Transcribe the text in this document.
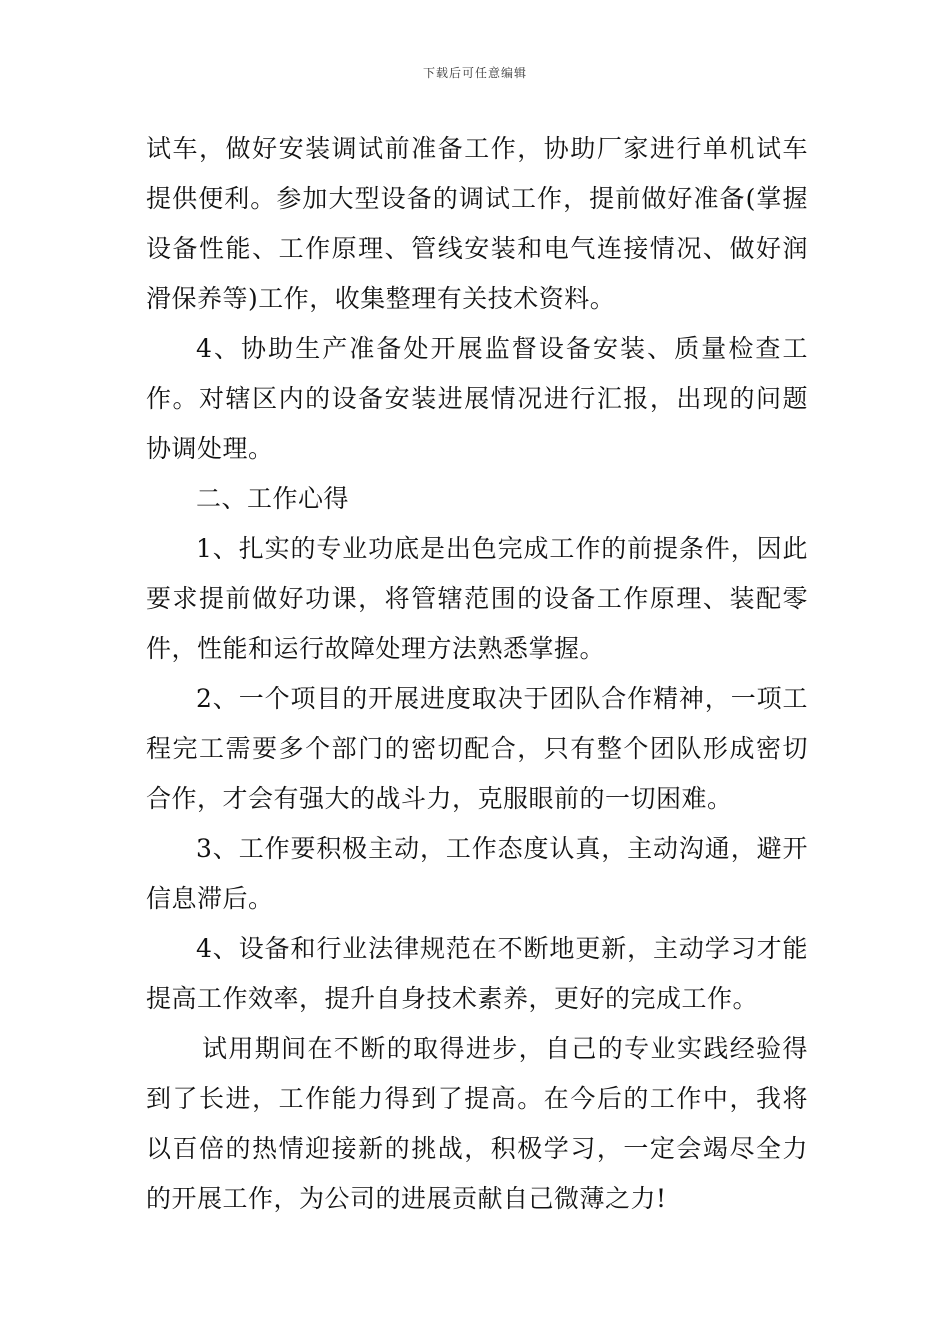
下载后可任意编辑

试车，做好安装调试前准备工作，协助厂家进行单机试车提供便利。参加大型设备的调试工作，提前做好准备(掌握设备性能、工作原理、管线安装和电气连接情况、做好润滑保养等)工作，收集整理有关技术资料。

4、协助生产准备处开展监督设备安装、质量检查工作。对辖区内的设备安装进展情况进行汇报，出现的问题协调处理。

二、工作心得

1、扎实的专业功底是出色完成工作的前提条件，因此要求提前做好功课，将管辖范围的设备工作原理、装配零件，性能和运行故障处理方法熟悉掌握。

2、一个项目的开展进度取决于团队合作精神，一项工程完工需要多个部门的密切配合，只有整个团队形成密切合作，才会有强大的战斗力，克服眼前的一切困难。

3、工作要积极主动，工作态度认真，主动沟通，避开信息滞后。

4、设备和行业法律规范在不断地更新，主动学习才能提高工作效率，提升自身技术素养，更好的完成工作。

试用期间在不断的取得进步，自己的专业实践经验得到了长进，工作能力得到了提高。在今后的工作中，我将以百倍的热情迎接新的挑战，积极学习，一定会竭尽全力的开展工作，为公司的进展贡献自己微薄之力!
